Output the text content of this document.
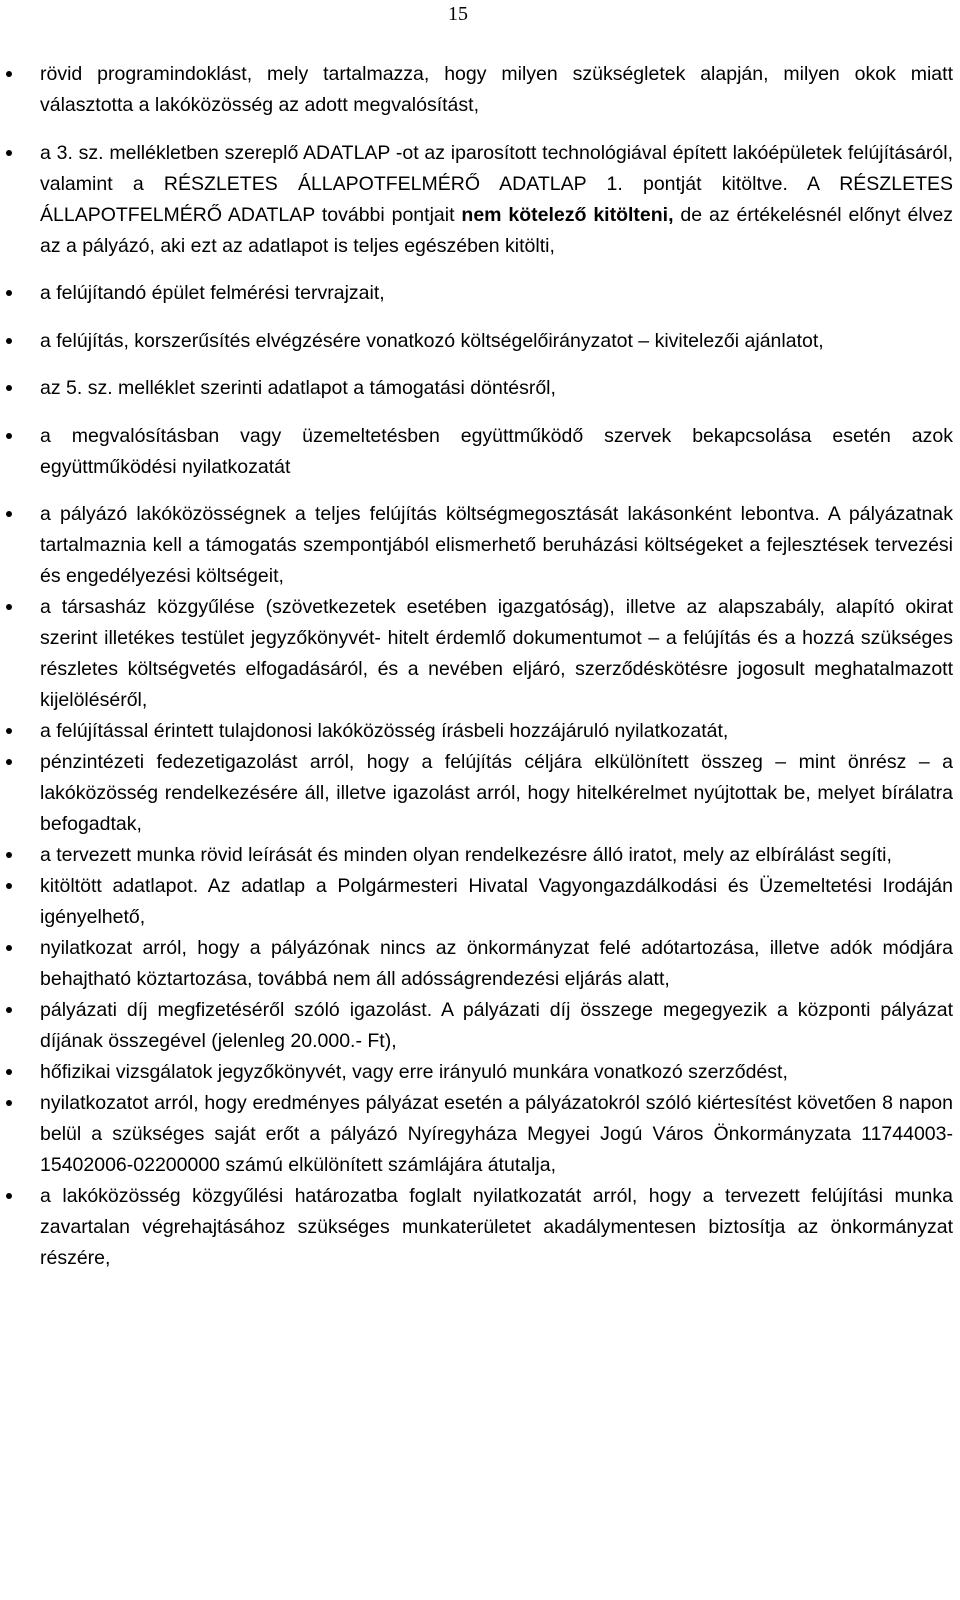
15
rövid programindoklást, mely tartalmazza, hogy milyen szükségletek alapján, milyen okok miatt választotta a lakóközösség az adott megvalósítást,
a 3. sz. mellékletben szereplő ADATLAP -ot az iparosított technológiával épített lakóépületek felújításáról, valamint a RÉSZLETES ÁLLAPOTFELMÉRŐ ADATLAP 1. pontját kitöltve. A RÉSZLETES ÁLLAPOTFELMÉRŐ ADATLAP további pontjait nem kötelező kitölteni, de az értékelésnél előnyt élvez az a pályázó, aki ezt az adatlapot is teljes egészében kitölti,
a felújítandó épület felmérési tervrajzait,
a felújítás, korszerűsítés elvégzésére vonatkozó költségelőirányzatot – kivitelezői ajánlatot,
az 5. sz. melléklet szerinti adatlapot a támogatási döntésről,
a megvalósításban vagy üzemeltetésben együttműködő szervek bekapcsolása esetén azok együttműködési nyilatkozatát
a pályázó lakóközösségnek a teljes felújítás költségmegosztását lakásonként lebontva. A pályázatnak tartalmaznia kell a támogatás szempontjából elismerhető beruházási költségeket a fejlesztések tervezési és engedélyezési költségeit,
a társasház közgyűlése (szövetkezetek esetében igazgatóság), illetve az alapszabály, alapító okirat szerint illetékes testület jegyzőkönyvét- hitelt érdemlő dokumentumot – a felújítás és a hozzá szükséges részletes költségvetés elfogadásáról, és a nevében eljáró, szerződéskötésre jogosult meghatalmazott kijelöléséről,
a felújítással érintett tulajdonosi lakóközösség írásbeli hozzájáruló nyilatkozatát,
pénzintézeti fedezetigazolást arról, hogy a felújítás céljára elkülönített összeg – mint önrész – a lakóközösség rendelkezésére áll, illetve igazolást arról, hogy hitelkérelmet nyújtottak be, melyet bírálatra befogadtak,
a tervezett munka rövid leírását és minden olyan rendelkezésre álló iratot, mely az elbírálást segíti,
kitöltött adatlapot. Az adatlap a Polgármesteri Hivatal Vagyongazdálkodási és Üzemeltetési Irodáján igényelhető,
nyilatkozat arról, hogy a pályázónak nincs az önkormányzat felé adótartozása, illetve adók módjára behajtható köztartozása, továbbá nem áll adósságrendezési eljárás alatt,
pályázati díj megfizetéséről szóló igazolást. A pályázati díj összege megegyezik a központi pályázat díjának összegével (jelenleg 20.000.- Ft),
hőfizikai vizsgálatok jegyzőkönyvét, vagy erre irányuló munkára vonatkozó szerződést,
nyilatkozatot arról, hogy eredményes pályázat esetén a pályázatokról szóló kiértesítést követően 8 napon belül a szükséges saját erőt a pályázó Nyíregyháza Megyei Jogú Város Önkormányzata 11744003-15402006-02200000 számú elkülönített számlájára átutalja,
a lakóközösség közgyűlési határozatba foglalt nyilatkozatát arról, hogy a tervezett felújítási munka zavartalan végrehajtásához szükséges munkaterületet akadálymentesen biztosítja az önkormányzat részére,
